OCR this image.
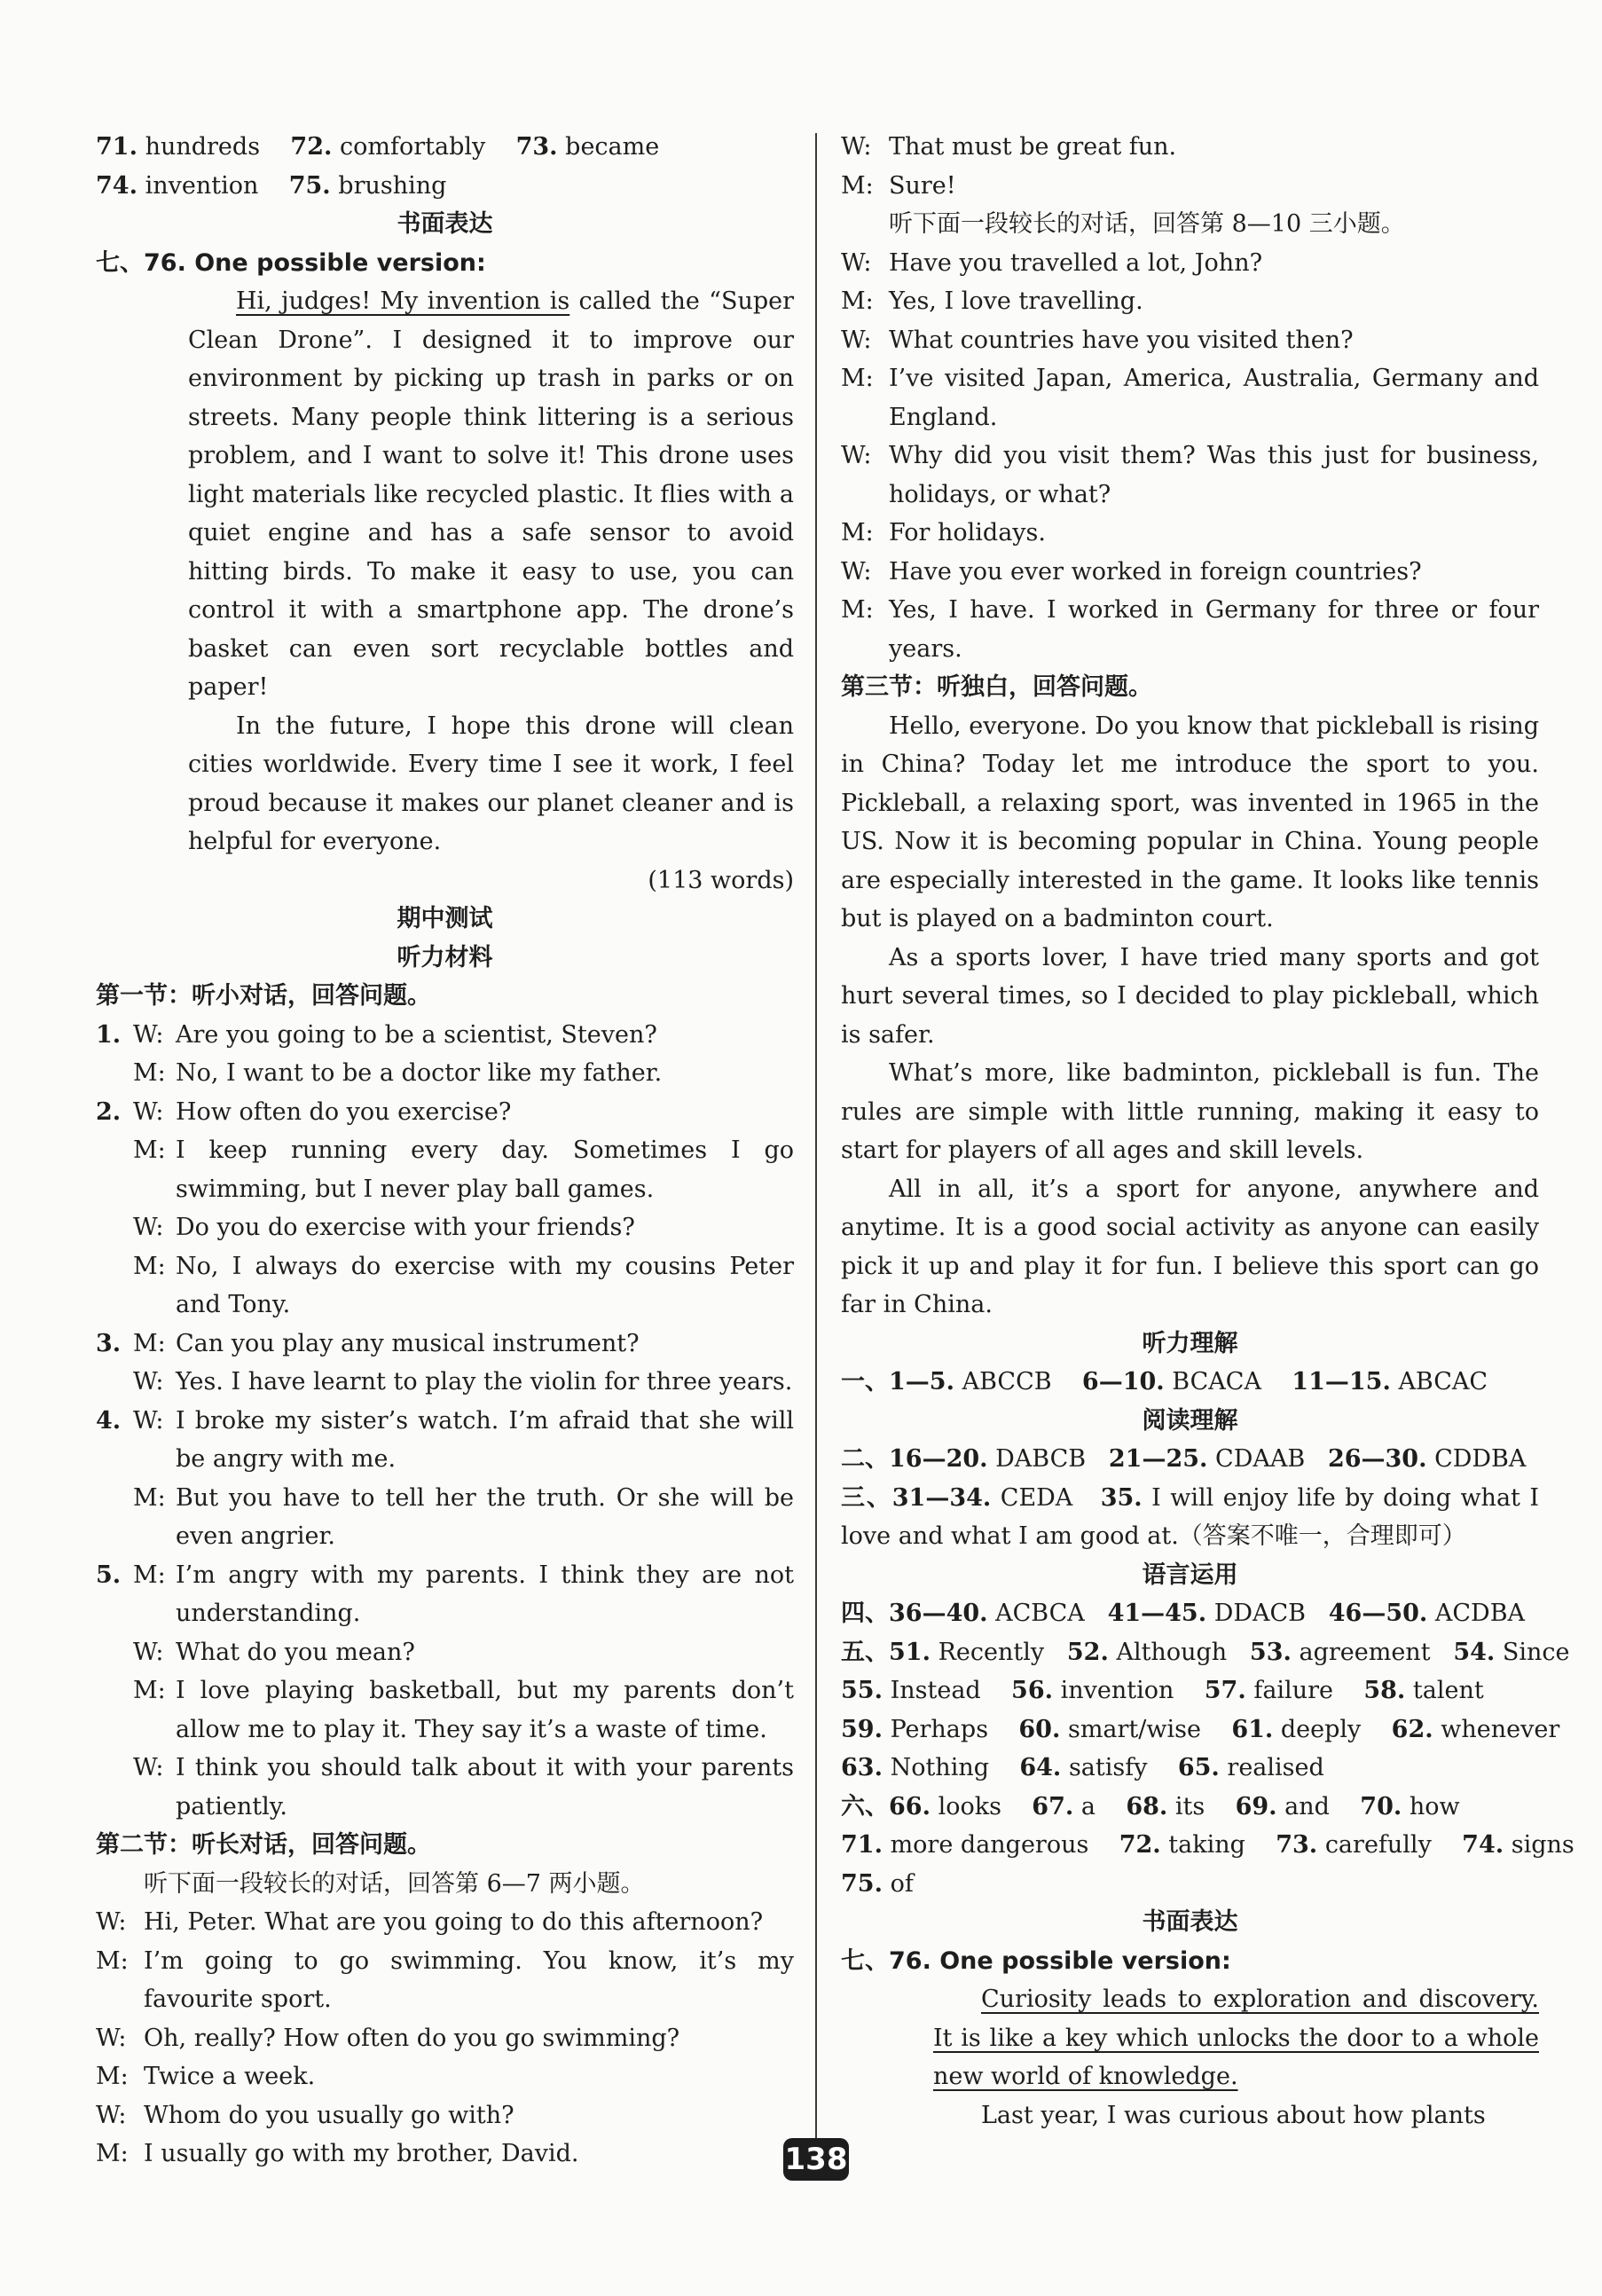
71. hundreds 72. comfortably 73. became
74. invention 75. brushing
书面表达
七、76. One possible version:
Hi, judges! My invention is called the “Super Clean Drone”. I designed it to improve our environment by picking up trash in parks or on streets. Many people think littering is a serious problem, and I want to solve it! This drone uses light materials like recycled plastic. It flies with a quiet engine and has a safe sensor to avoid hitting birds. To make it easy to use, you can control it with a smartphone app. The drone’s basket can even sort recyclable bottles and paper!
In the future, I hope this drone will clean cities worldwide. Every time I see it work, I feel proud because it makes our planet cleaner and is helpful for everyone.
(113 words)
期中测试
听力材料
第一节：听小对话，回答问题。
1. W: Are you going to be a scientist, Steven?
M: No, I want to be a doctor like my father.
2. W: How often do you exercise?
M: I keep running every day. Sometimes I go swimming, but I never play ball games.
W: Do you do exercise with your friends?
M: No, I always do exercise with my cousins Peter and Tony.
3. M: Can you play any musical instrument?
W: Yes. I have learnt to play the violin for three years.
4. W: I broke my sister’s watch. I’m afraid that she will be angry with me.
M: But you have to tell her the truth. Or she will be even angrier.
5. M: I’m angry with my parents. I think they are not understanding.
W: What do you mean?
M: I love playing basketball, but my parents don’t allow me to play it. They say it’s a waste of time.
W: I think you should talk about it with your parents patiently.
第二节：听长对话，回答问题。
听下面一段较长的对话，回答第 6—7 两小题。
W: Hi, Peter. What are you going to do this afternoon?
M: I’m going to go swimming. You know, it’s my favourite sport.
W: Oh, really? How often do you go swimming?
M: Twice a week.
W: Whom do you usually go with?
M: I usually go with my brother, David.
W: That must be great fun.
M: Sure!
听下面一段较长的对话，回答第 8—10 三小题。
W: Have you travelled a lot, John?
M: Yes, I love travelling.
W: What countries have you visited then?
M: I’ve visited Japan, America, Australia, Germany and England.
W: Why did you visit them? Was this just for business, holidays, or what?
M: For holidays.
W: Have you ever worked in foreign countries?
M: Yes, I have. I worked in Germany for three or four years.
第三节：听独白，回答问题。
Hello, everyone. Do you know that pickleball is rising in China? Today let me introduce the sport to you. Pickleball, a relaxing sport, was invented in 1965 in the US. Now it is becoming popular in China. Young people are especially interested in the game. It looks like tennis but is played on a badminton court.
As a sports lover, I have tried many sports and got hurt several times, so I decided to play pickleball, which is safer.
What’s more, like badminton, pickleball is fun. The rules are simple with little running, making it easy to start for players of all ages and skill levels.
All in all, it’s a sport for anyone, anywhere and anytime. It is a good social activity as anyone can easily pick it up and play it for fun. I believe this sport can go far in China.
听力理解
一、1—5. ABCCB 6—10. BCACA 11—15. ABCAC
阅读理解
二、16—20. DABCB 21—25. CDAAB 26—30. CDDBA
三、31—34. CEDA 35. I will enjoy life by doing what I love and what I am good at.（答案不唯一，合理即可）
语言运用
四、36—40. ACBCA 41—45. DDACB 46—50. ACDBA
五、51. Recently 52. Although 53. agreement 54. Since
55. Instead 56. invention 57. failure 58. talent
59. Perhaps 60. smart/wise 61. deeply 62. whenever
63. Nothing 64. satisfy 65. realised
六、66. looks 67. a 68. its 69. and 70. how
71. more dangerous 72. taking 73. carefully 74. signs
75. of
书面表达
七、76. One possible version:
Curiosity leads to exploration and discovery. It is like a key which unlocks the door to a whole new world of knowledge.
Last year, I was curious about how plants
138
